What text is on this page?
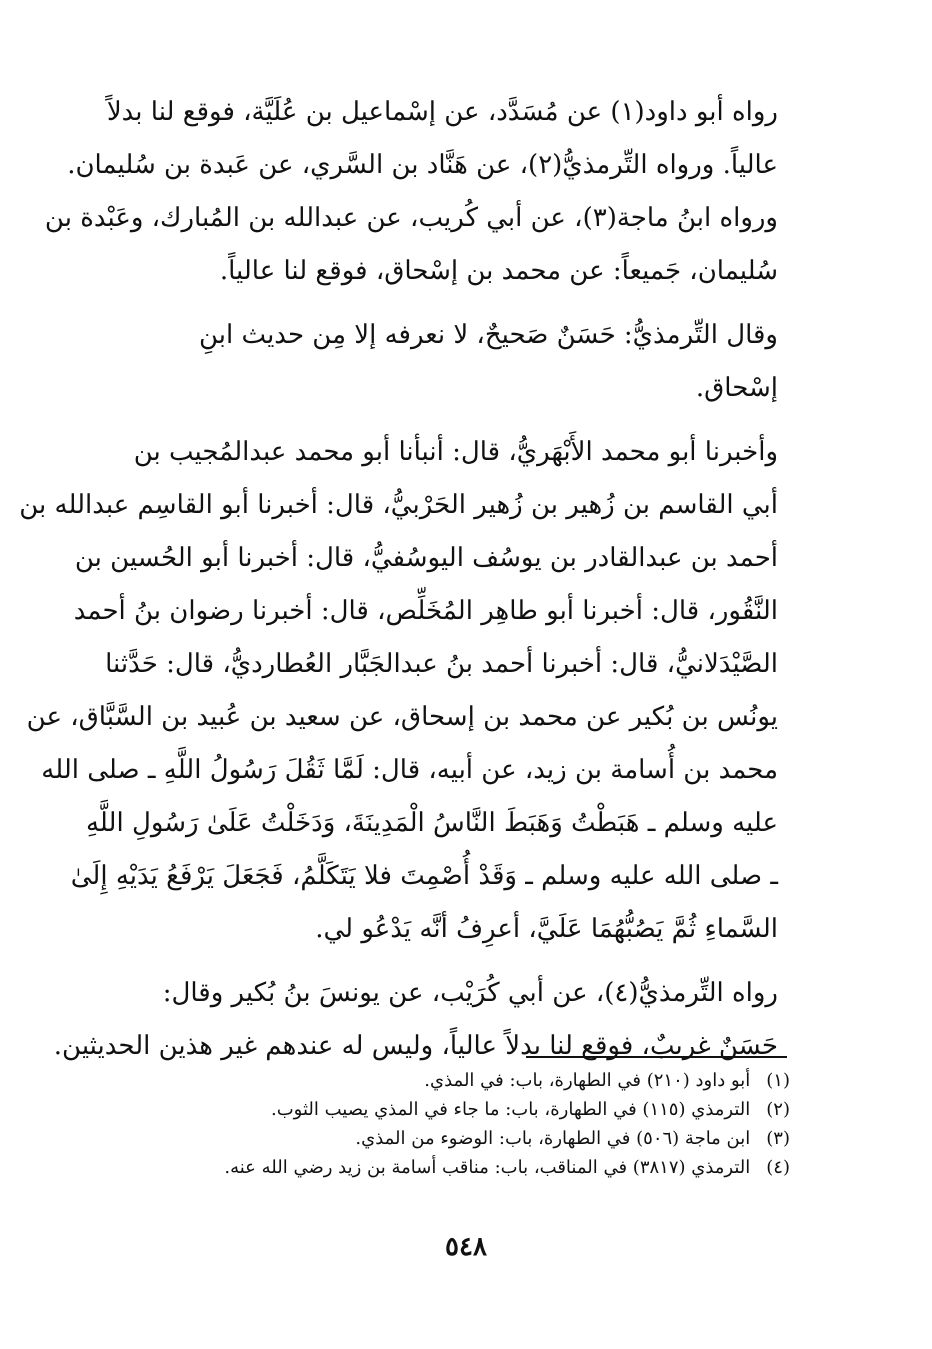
رواه أبو داود(١) عن مُسَدَّد، عن إسْماعيل بن عُلَيَّة، فوقع لنا بدلاً
عالياً. ورواه التِّرمذيُّ(٢)، عن هَنَّاد بن السَّري، عن عَبدة بن سُليمان.
ورواه ابنُ ماجة(٣)، عن أبي كُريب، عن عبدالله بن المُبارك، وعَبْدة بن
سُليمان، جَميعاً: عن محمد بن إسْحاق، فوقع لنا عالياً.

وقال التِّرمذيُّ: حَسَنٌ صَحيحٌ، لا نعرفه إلا مِن حديث ابنِ
إسْحاق.

وأخبرنا أبو محمد الأَبْهَريُّ، قال: أنبأنا أبو محمد عبدالمُجيب بن
أبي القاسم بن زُهير بن زُهير الحَرْبيُّ، قال: أخبرنا أبو القاسِم عبدالله بن
أحمد بن عبدالقادر بن يوسُف اليوسُفيُّ، قال: أخبرنا أبو الحُسين بن
النَّقُور، قال: أخبرنا أبو طاهِر المُخَلِّص، قال: أخبرنا رضوان بنُ أحمد
الصَّيْدَلانيُّ، قال: أخبرنا أحمد بنُ عبدالجَبَّار العُطارديُّ، قال: حَدَّثنا
يونُس بن بُكير عن محمد بن إسحاق، عن سعيد بن عُبيد بن السَّبَّاق، عن
محمد بن أُسامة بن زيد، عن أبيه، قال: لَمَّا ثَقُلَ رَسُولُ اللَّهِ ـ صلى الله
عليه وسلم ـ هَبَطْتُ وَهَبَطَ النَّاسُ الْمَدِينَةَ، وَدَخَلْتُ عَلَىٰ رَسُولِ اللَّهِ
ـ صلى الله عليه وسلم ـ وَقَدْ أُصْمِتَ فلا يَتَكَلَّمُ، فَجَعَلَ يَرْفَعُ يَدَيْهِ إِلَىٰ
السَّماءِ ثُمَّ يَصُبُّهُمَا عَلَيَّ، أعرِفُ أنَّه يَدْعُو لي.

رواه التِّرمذيُّ(٤)، عن أبي كُرَيْب، عن يونسَ بنُ بُكير وقال:
حَسَنٌ غريبٌ، فوقع لنا بدلاً عالياً، وليس له عندهم غير هذين الحديثين.

(١) أبو داود (٢١٠) في الطهارة، باب: في المذي.
(٢) الترمذي (١١٥) في الطهارة، باب: ما جاء في المذي يصيب الثوب.
(٣) ابن ماجة (٥٠٦) في الطهارة، باب: الوضوء من المذي.
(٤) الترمذي (٣٨١٧) في المناقب، باب: مناقب أسامة بن زيد رضي الله عنه.
٥٤٨
